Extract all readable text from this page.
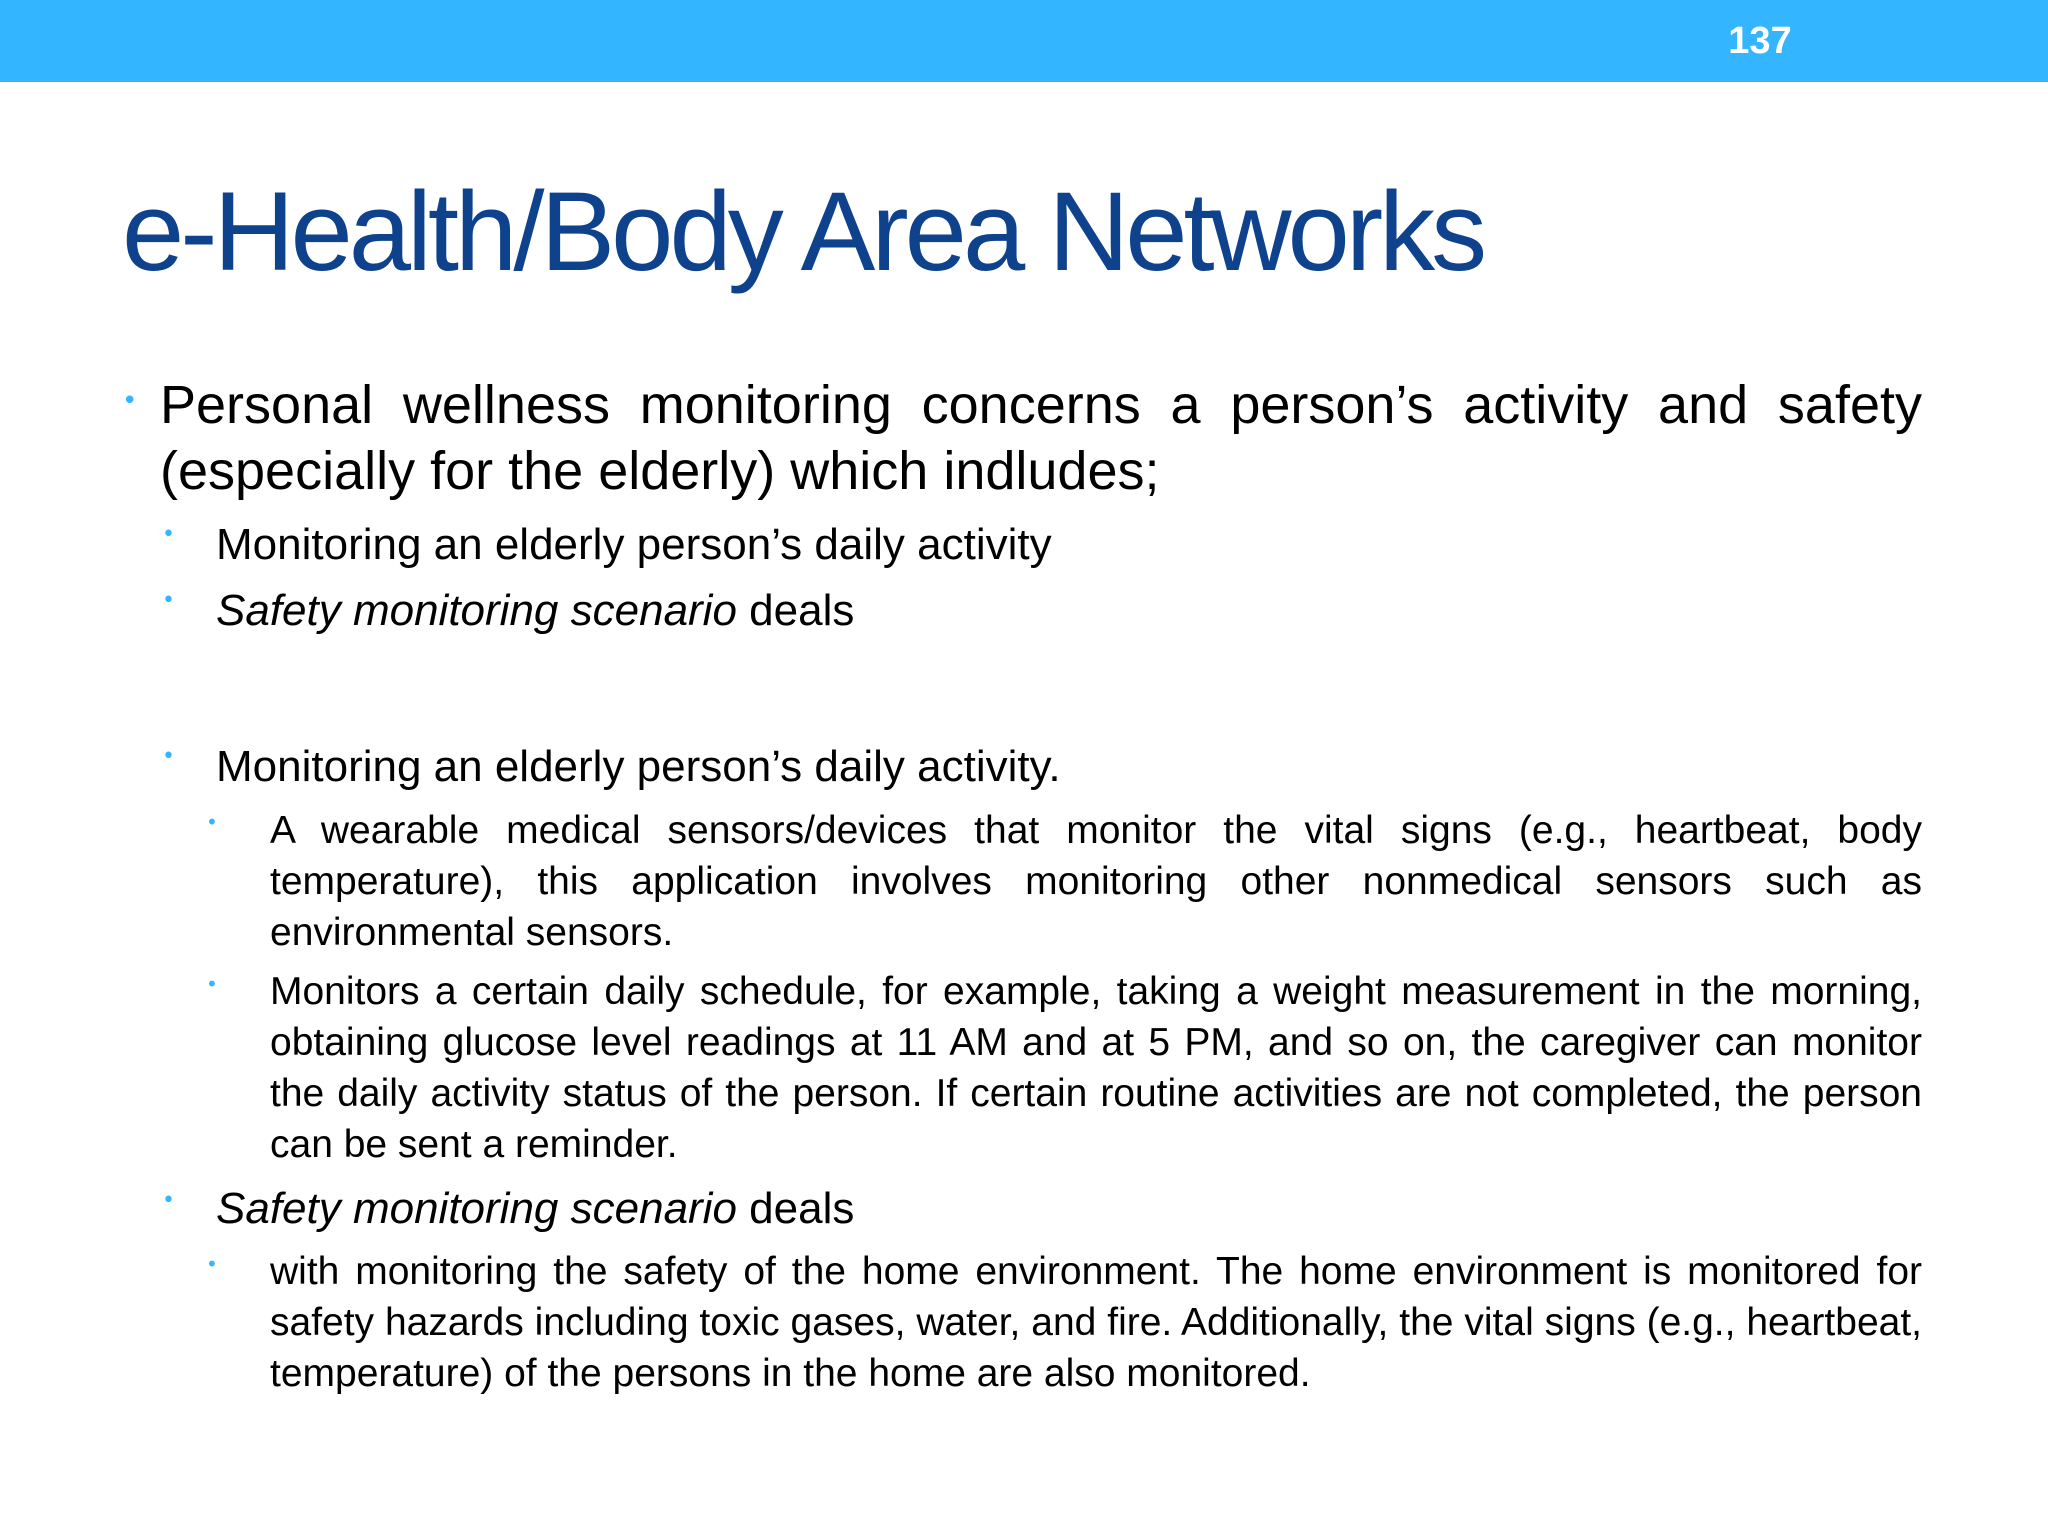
137
e-Health/Body Area Networks
• Personal wellness monitoring concerns a person’s activity and safety (especially for the elderly) which indludes;
• Monitoring an elderly person’s daily activity
• Safety monitoring scenario deals
• Monitoring an elderly person’s daily activity.
• A wearable medical sensors/devices that monitor the vital signs (e.g., heartbeat, body temperature), this application involves monitoring other nonmedical sensors such as environmental sensors.
• Monitors a certain daily schedule, for example, taking a weight measurement in the morning, obtaining glucose level readings at 11 AM and at 5 PM, and so on, the caregiver can monitor the daily activity status of the person. If certain routine activities are not completed, the person can be sent a reminder.
• Safety monitoring scenario deals
• with monitoring the safety of the home environment. The home environment is monitored for safety hazards including toxic gases, water, and fire. Additionally, the vital signs (e.g., heartbeat, temperature) of the persons in the home are also monitored.
